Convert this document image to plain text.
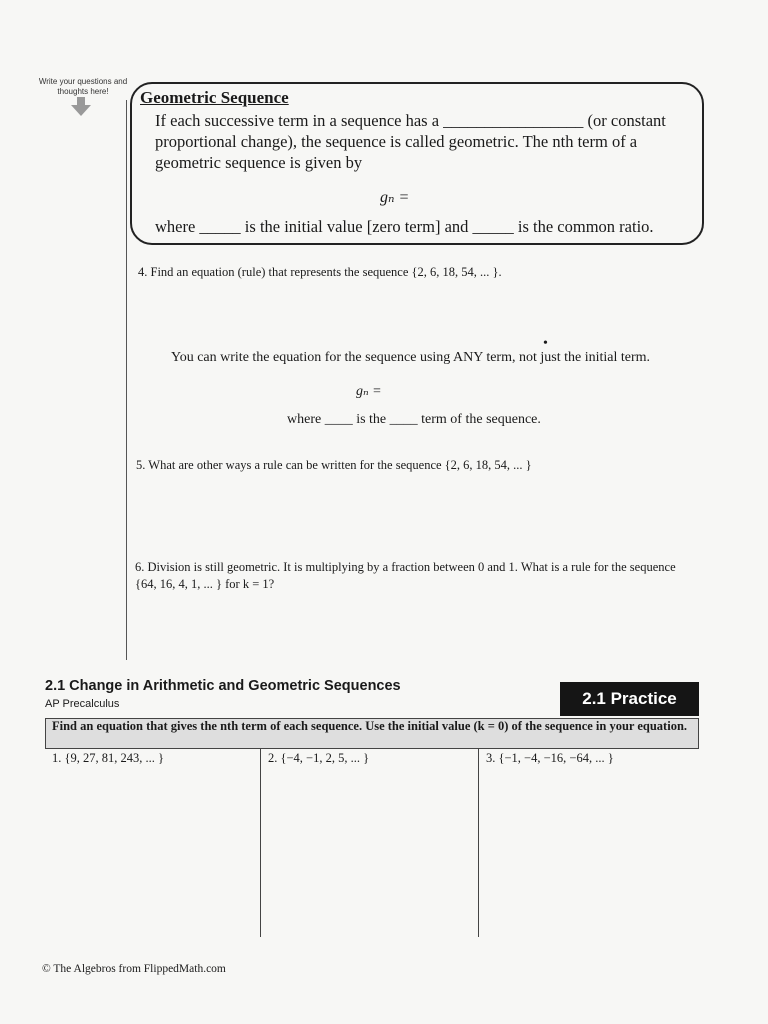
Write your questions and thoughts here!	Geometric Sequence
If each successive term in a sequence has a _________________ (or constant proportional change), the sequence is called geometric. The nth term of a geometric sequence is given by
gₙ =
where _____ is the initial value [zero term] and _____ is the common ratio.
4. Find an equation (rule) that represents the sequence {2, 6, 18, 54, ... }.
•
You can write the equation for the sequence using ANY term, not just the initial term.
gₙ =
where ____ is the ____ term of the sequence.
5. What are other ways a rule can be written for the sequence {2, 6, 18, 54, ... }
6. Division is still geometric. It is multiplying by a fraction between 0 and 1. What is a rule for the sequence {64, 16, 4, 1, ... } for k = 1?
2.1 Change in Arithmetic and Geometric Sequences
AP Precalculus	2.1 Practice
Find an equation that gives the nth term of each sequence. Use the initial value (k = 0) of the sequence in your equation.
1. {9, 27, 81, 243, ... }	2. {−4, −1, 2, 5, ... }	3. {−1, −4, −16, −64, ... }
© The Algebros from FlippedMath.com
